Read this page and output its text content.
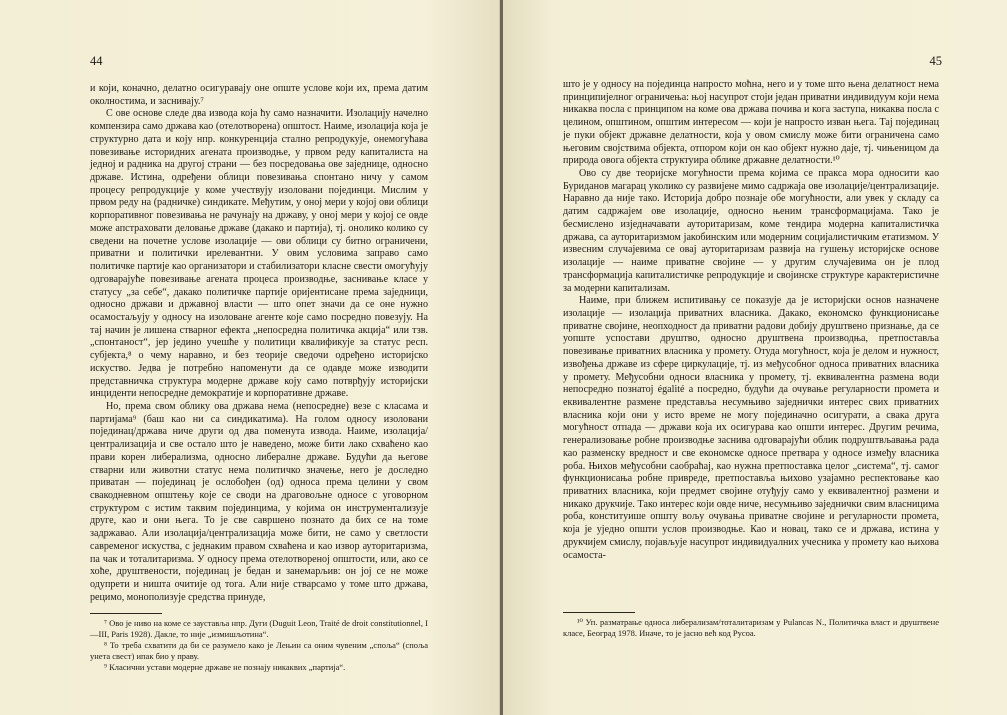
44

и који, коначно, делатно осигуравају оне опште услове који их, према датим околностима, и заснивају.⁷

С ове основе следе два извода која ћу само назначити. Изолацију начелно компензира само држава као (отелотворена) општост. Наиме, изолација која је структурно дата и коју нпр. конкуренција стално репродукује, онемогућава повезивање историдних агената производње, у првом реду капиталиста на једној и радника на другој страни — без посредовања ове заједнице, односно државе. Истина, одређени облици повезивања спонтано ничу у самом процесу репродукције у коме учествују изоловани појединци. Мислим у првом реду на (радничке) синдикате. Међутим, у оној мери у којој ови облици корпоративног повезивања не рачунају на државу, у оној мери у којој се овде може апстраховати деловање државе (дакако и партија), тј. онолико колико су сведени на почетне услове изолације — ови облици су битно ограничени, приватни и политички ирелевантни. У овим условима заправо само политичке партије као организатори и стабилизатори класне свести омогућују одговарајуће повезивање агената процеса производње, заснивање класе у статусу „за себе“, дакако политичке партије оријентисане према заједници, односно држави и државној власти — што опет значи да се оне нужно осамостаљују у односу на изоловане агенте које само посредно повезују. На тај начин је лишена стварног ефекта „непосредна политичка акција“ или тзв. „спонтаност“, јер једино учешће у политици квалификује за статус респ. субјекта,⁸ о чему наравно, и без теорије сведочи одређено историјско искуство. Једва је потребно напоменути да се одавде може изводити представничка структура модерне државе коју само потврђују историјски инциденти непосредне демократије и корпоративне државе.

Но, према свом облику ова држава нема (непосредне) везе с класама и партијама⁹ (баш као ни са синдикатима). На голом односу изоловани појединац/држава ниче други од два поменута извода. Наиме, изолација/централизација и све остало што је наведено, може бити лако схваћено као прави корен либерализма, односно либералне државе. Будући да његовe стварни или живoтни статус нема политичко значење, него је доследно приватан — појединац је ослобођен (од) односа према целини у свом свакодневном општењу које се своди на драговољне односе с уговорном структуром с истим таквим појединцима, у којима он инструментализује друге, као и они њега. То је све савршено познато да бих се на томе задржавао. Али изолација/централизација може бити, не само у светлости савременог искуства, с једнаким правом схваћена и као извор ауторитаризма, па чак и тоталитаризма. У односу према отелотвореној општости, или, ако се хоће, друштвености, појединац је бедан и занемарљив: он јој се не може одупрети и ништа очитије од тога. Али ниje стварсамо у томе што држава, рецимо, монополизује средства принуде,

⁷ Ово је ниво на коме се зауставља нпр. Дуги (Duguit Leon, Traité de droit constitutionnel, I—III, Paris 1928). Дакле, то није „измишљотина“.

⁸ То треба схватити да би се разумело како је Лењин са оним чувеним „споља“ (споља унета свест) ипак био у праву.

⁹ Класични устави модерне државе не познају никаквих „партија“.

45

што је у односу на појединца напросто моћна, него и у томе што њена делатност нема принципијелног ограничења: њој насупрот стоји један приватни индивидуум који нема никаква посла с принципом на коме ова држава почива и кога заступа, никаква посла с целином, општином, општим интересом — који је напросто изван њега. Тај појединац је пуки објект државне делатности, која у овом смислу може бити ограничена само његовим својствима објекта, отпором који он као објект нужно даје, тј. чињеницом да природа овога објекта структуира облике државне делатности.¹⁰

Ово су две теоријске могућности према којима се пракса мора односити као Буриданов магарац уколико су развијене мимо садржаја ове изолације/централизације. Наравно да није тако. Историја добро познаје обе могућности, али увек у складу са датим садржајем ове изолације, односно њеним трансформацијама. Тако је бесмислено изједначавати ауторитаризам, коме тендира модерна капиталистичка држава, са ауторитаризмом јакобинским или модерним социјалистичким етатизмом. У извесним случајевима се овај ауторитаризам развија на гушењу историјске основе изолације — наиме приватне својине — у другим случајевима он је плод трансформација капиталистичке репродукције и својинске структуре карактеристичне за модерни капитализам.

Наиме, при ближем испитивању се показује да је историјски основ назначене изолације — изолација приватних власника. Дакако, економско функционисање приватне својине, неопходност да приватни радови добију друштвено признање, да се уопште успостави друштво, односно друштвена производња, претпоставља повезивање приватних власника у промету. Отуда могућност, која је делом и нужност, извођења државе из сфере циркулације, тј. из међусобног односа приватних власника у промету. Међусобни односи власника у промету, тј. еквивалентна размена води непосредно познатој égalité a посредно, будући да очување регуларности промета и еквивалентне размене представља несумњиво заједнички интерес свих приватних власника који они у исто време не могу појединачно осигурати, а свака друга могућност отпада — држави која их осигурава као општи интерес. Другим речима, генерализовање робне производње заснива одговарајући облик подруштвљавања рада као разменску вредност и све економске односе претвара у односе између власника роба. Њихов међусобни саобраћај, као нужна претпоставка целог „система“, тј. самог функционисања робне привреде, претпоставља њихово узајамно респектовање као приватних власника, који предмет својине отуђују само у еквивалентној размени и никако друкчије. Тако интерес који овде ниче, несумњиво заједнички свим власницима роба, конституише општу вољу очувања приватне својине и регуларности промета, која је уједно општи услов производње. Као и новац, тако се и држава, истина у друкчијем смислу, појављује насупрот индивидуалних учесника у промету као њихова осамоста-

¹⁰ Уп. разматрање односа либерализам/тоталитаризам у Pulancas N., Политичка власт и друштвене класе, Београд 1978. Иначе, то је јасно већ код Русоа.
